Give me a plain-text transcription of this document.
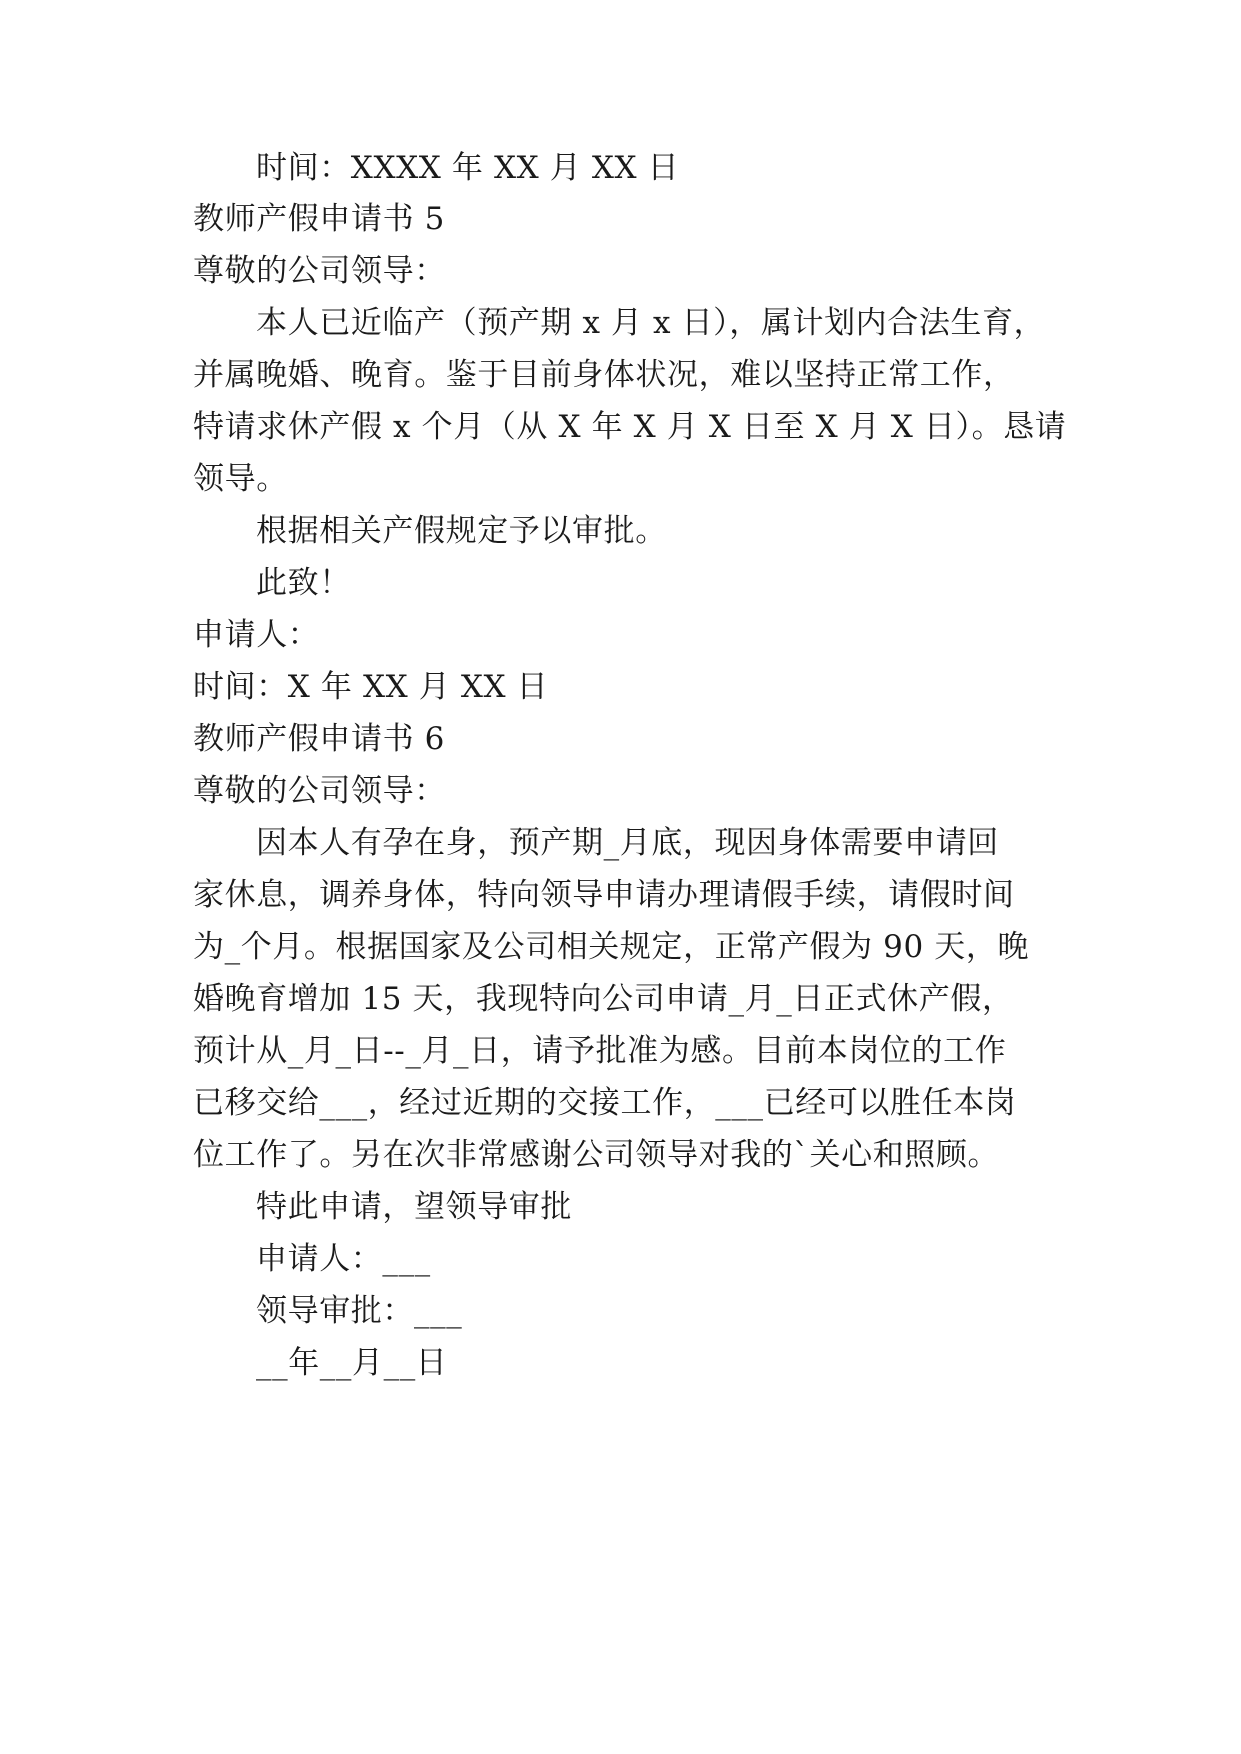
时间：XXXX 年 XX 月 XX 日
教师产假申请书 5
尊敬的公司领导：
本人已近临产（预产期 x 月 x 日），属计划内合法生育，
并属晚婚、晚育。鉴于目前身体状况，难以坚持正常工作，
特请求休产假 x 个月（从 X 年 X 月 X 日至 X 月 X 日）。恳请
领导。
根据相关产假规定予以审批。
此致！
申请人：
时间：X 年 XX 月 XX 日
教师产假申请书 6
尊敬的公司领导：
因本人有孕在身，预产期_月底，现因身体需要申请回
家休息，调养身体，特向领导申请办理请假手续，请假时间
为_个月。根据国家及公司相关规定，正常产假为 90 天，晚
婚晚育增加 15 天，我现特向公司申请_月_日正式休产假，
预计从_月_日--_月_日，请予批准为感。目前本岗位的工作
已移交给___，经过近期的交接工作，___已经可以胜任本岗
位工作了。另在次非常感谢公司领导对我的`关心和照顾。
特此申请，望领导审批
申请人：___
领导审批：___
__年__月__日
